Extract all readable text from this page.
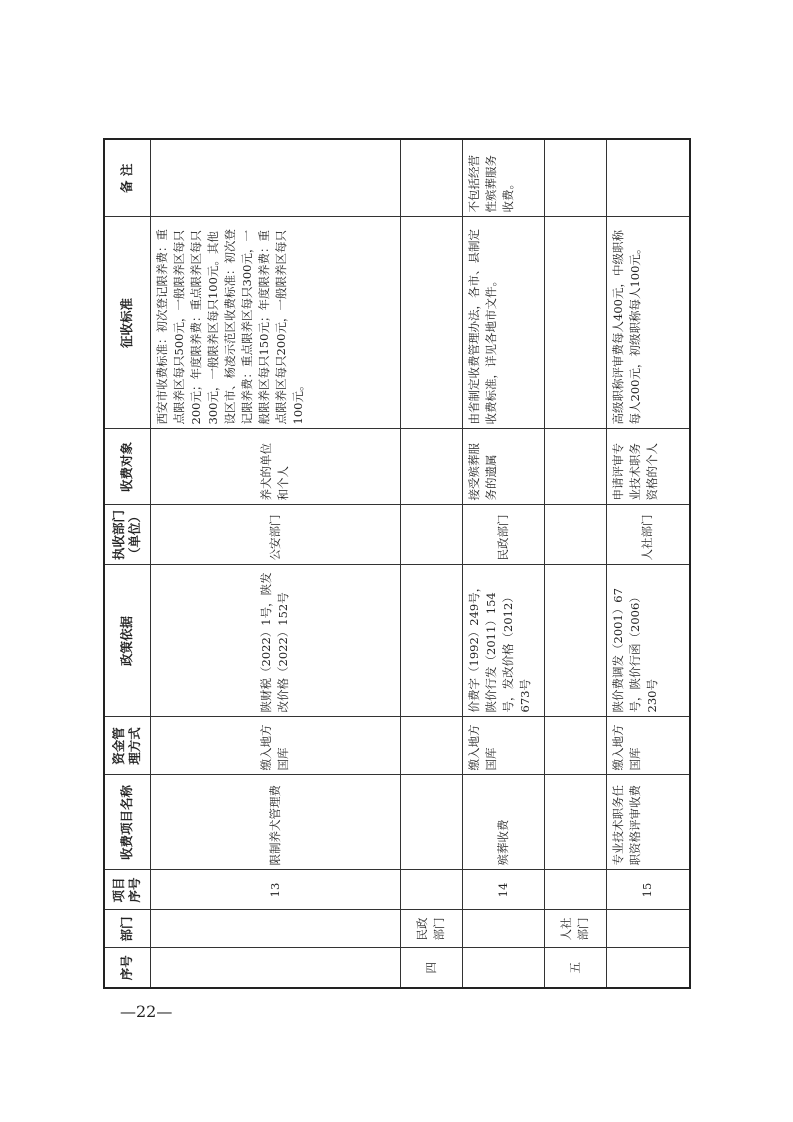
序号	部门	项目序号	收费项目名称	资金管理方式	政策依据	执收部门（单位）	收费对象	征收标准	备 注
		13	限制养犬管理费	缴入地方国库	陕财税（2022）1号，陕发改价格（2022）152号	公安部门	养犬的单位和个人	西安市收费标准：初次登记限养费：重点限养区每只500元，一般限养区每只200元；年度限养费：重点限养区每只300元，一般限养区每只100元。其他设区市、杨凌示范区收费标准：初次登记限养费：重点限养区每只300元，一般限养区每只150元；年度限养费：重点限养区每只200元，一般限养区每只100元。	
四	民政部门								
		14	殡葬收费	缴入地方国库	价费字（1992）249号，陕价行发（2011）154号，发改价格（2012）673号	民政部门	接受殡葬服务的遗属	由省制定收费管理办法，各市、县制定收费标准，详见各地市文件。	不包括经营性殡葬服务收费。
五	人社部门								
		15	专业技术职务任职资格评审收费	缴入地方国库	陕价费调发（2001）67号，陕价行函（2006）230号	人社部门	申请评审专业技术职务资格的个人	高级职称评审费每人400元，中级职称每人200元，初级职称每人100元。	
—22—
